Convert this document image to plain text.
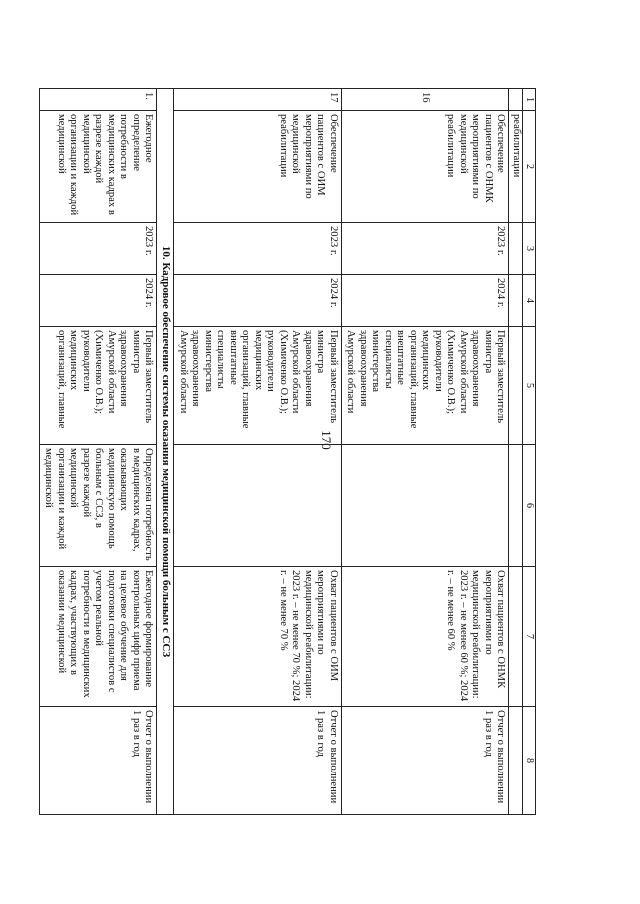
170
1	2	3	4	5	6	7	8
	реабилитации						
16	Обеспечение пациентов с ОНМК мероприятиями по медицинской реабилитации	2023 г.	2024 г.	Первый заместитель министра здравоохранения Амурской области (Химиченко О.В.); руководители медицинских организаций, главные внештатные специалисты министерства здравоохранения Амурской области		Охват пациентов с ОНМК мероприятиями по медицинской реабилитации: 2023 г. – не менее 60 %; 2024 г. – не менее 60 %	Отчет о выполнении 1 раз в год
17	Обеспечение пациентов с ОИМ мероприятиями по медицинской реабилитации	2023 г.	2024 г.	Первый заместитель министра здравоохранения Амурской области (Химиченко О.В.); руководители медицинских организаций, главные внештатные специалисты министерства здравоохранения Амурской области		Охват пациентов с ОИМ мероприятиями по медицинской реабилитации: 2023 г. – не менее 70 %; 2024 г. – не менее 70 %	Отчет о выполнении 1 раз в год
10. Кадровое обеспечение системы оказания медицинской помощи больным с ССЗ							
1.	Ежегодное определение потребности в медицинских кадрах в разрезе каждой медицинской организации и каждой медицинской	2023 г.	2024 г.	Первый заместитель министра здравоохранения Амурской области (Химиченко О.В.); руководители медицинских организаций, главные	Определена потребность в медицинских кадрах, оказывающих медицинскую помощь больным с ССЗ, в разрезе каждой медицинской организации и каждой медицинской	Ежегодное формирование контрольных цифр приема на целевое обучение для подготовки специалистов с учетом реальной потребности в медицинских кадрах, участвующих в оказании медицинской	Отчет о выполнении 1 раз в год
